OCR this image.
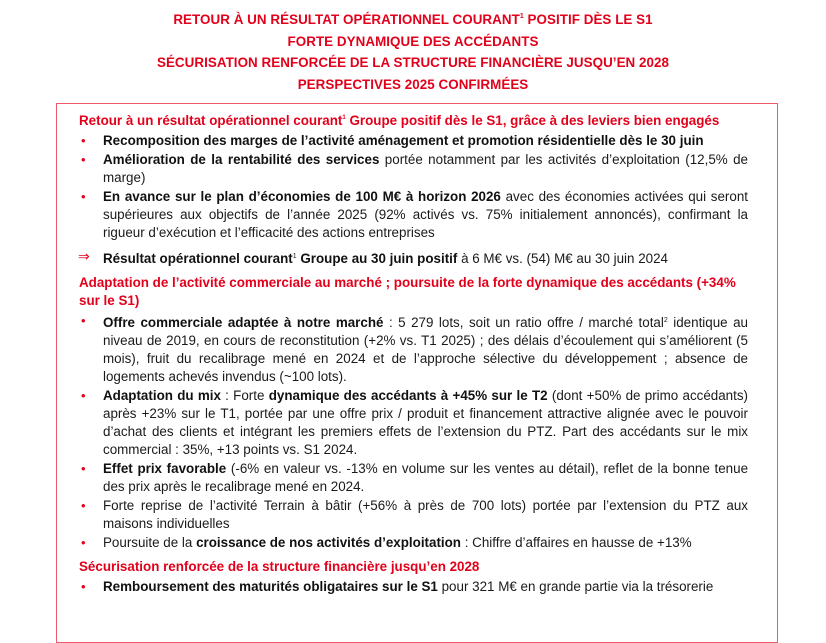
RETOUR À UN RÉSULTAT OPÉRATIONNEL COURANT$^1$ POSITIF DÈS LE S1
FORTE DYNAMIQUE DES ACCÉDANTS
SÉCURISATION RENFORCÉE DE LA STRUCTURE FINANCIÈRE JUSQU’EN 2028
PERSPECTIVES 2025 CONFIRMÉES
Retour à un résultat opérationnel courant$^1$ Groupe positif dès le S1, grâce à des leviers bien engagés
• Recomposition des marges de l’activité aménagement et promotion résidentielle dès le 30 juin
• Amélioration de la rentabilité des services portée notamment par les activités d’exploitation (12,5% de marge)
• En avance sur le plan d’économies de 100 M€ à horizon 2026 avec des économies activées qui seront supérieures aux objectifs de l’année 2025 (92% activés vs. 75% initialement annoncés), confirmant la rigueur d’exécution et l’efficacité des actions entreprises
⇒ Résultat opérationnel courant$^1$ Groupe au 30 juin positif à 6 M€ vs. (54) M€ au 30 juin 2024
Adaptation de l’activité commerciale au marché ; poursuite de la forte dynamique des accédants (+34% sur le S1)
• Offre commerciale adaptée à notre marché : 5 279 lots, soit un ratio offre / marché total$^2$ identique au niveau de 2019, en cours de reconstitution (+2% vs. T1 2025) ; des délais d’écoulement qui s’améliorent (5 mois), fruit du recalibrage mené en 2024 et de l’approche sélective du développement ; absence de logements achevés invendus (~100 lots).
• Adaptation du mix : Forte dynamique des accédants à +45% sur le T2 (dont +50% de primo accédants) après +23% sur le T1, portée par une offre prix / produit et financement attractive alignée avec le pouvoir d’achat des clients et intégrant les premiers effets de l’extension du PTZ. Part des accédants sur le mix commercial : 35%, +13 points vs. S1 2024.
• Effet prix favorable (-6% en valeur vs. -13% en volume sur les ventes au détail), reflet de la bonne tenue des prix après le recalibrage mené en 2024.
• Forte reprise de l’activité Terrain à bâtir (+56% à près de 700 lots) portée par l’extension du PTZ aux maisons individuelles
• Poursuite de la croissance de nos activités d’exploitation : Chiffre d’affaires en hausse de +13%
Sécurisation renforcée de la structure financière jusqu’en 2028
• Remboursement des maturités obligataires sur le S1 pour 321 M€ en grande partie via la trésorerie
